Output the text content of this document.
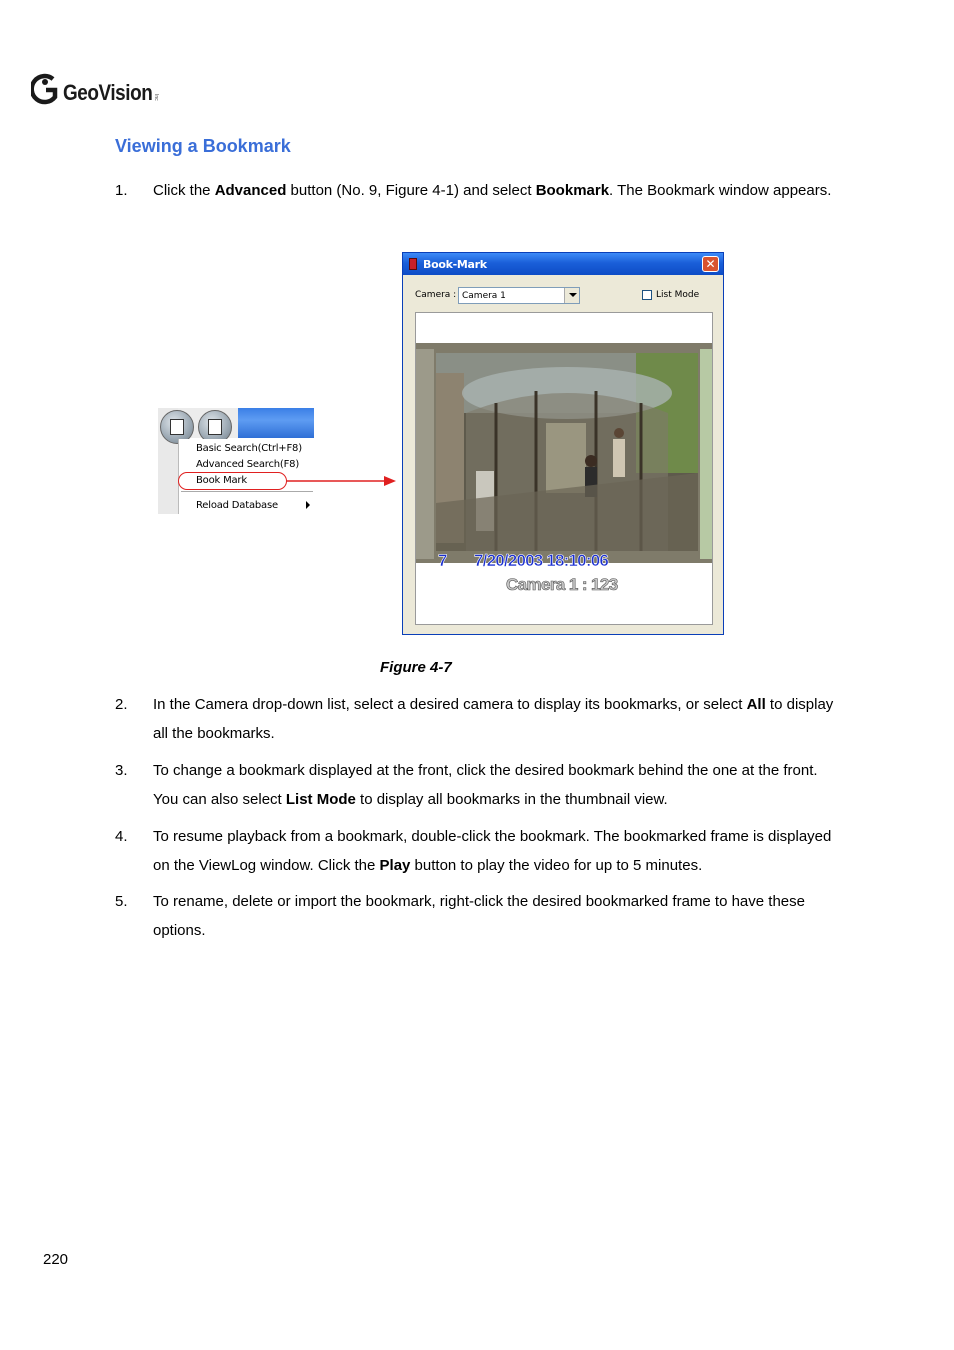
GeoVision Inc
Viewing a Bookmark
1. Click the Advanced button (No. 9, Figure 4-1) and select Bookmark. The Bookmark window appears.
Basic Search(Ctrl+F8)
Advanced Search(F8)
Book Mark
Reload Database
Book-Mark	✕
Camera : Camera 1	List Mode
7 7/20/2003 18:10:06
Camera 1 : 123
Figure 4-7
2. In the Camera drop-down list, select a desired camera to display its bookmarks, or select All to display all the bookmarks.
3. To change a bookmark displayed at the front, click the desired bookmark behind the one at the front. You can also select List Mode to display all bookmarks in the thumbnail view.
4. To resume playback from a bookmark, double-click the bookmark. The bookmarked frame is displayed on the ViewLog window. Click the Play button to play the video for up to 5 minutes.
5. To rename, delete or import the bookmark, right-click the desired bookmarked frame to have these options.
220
